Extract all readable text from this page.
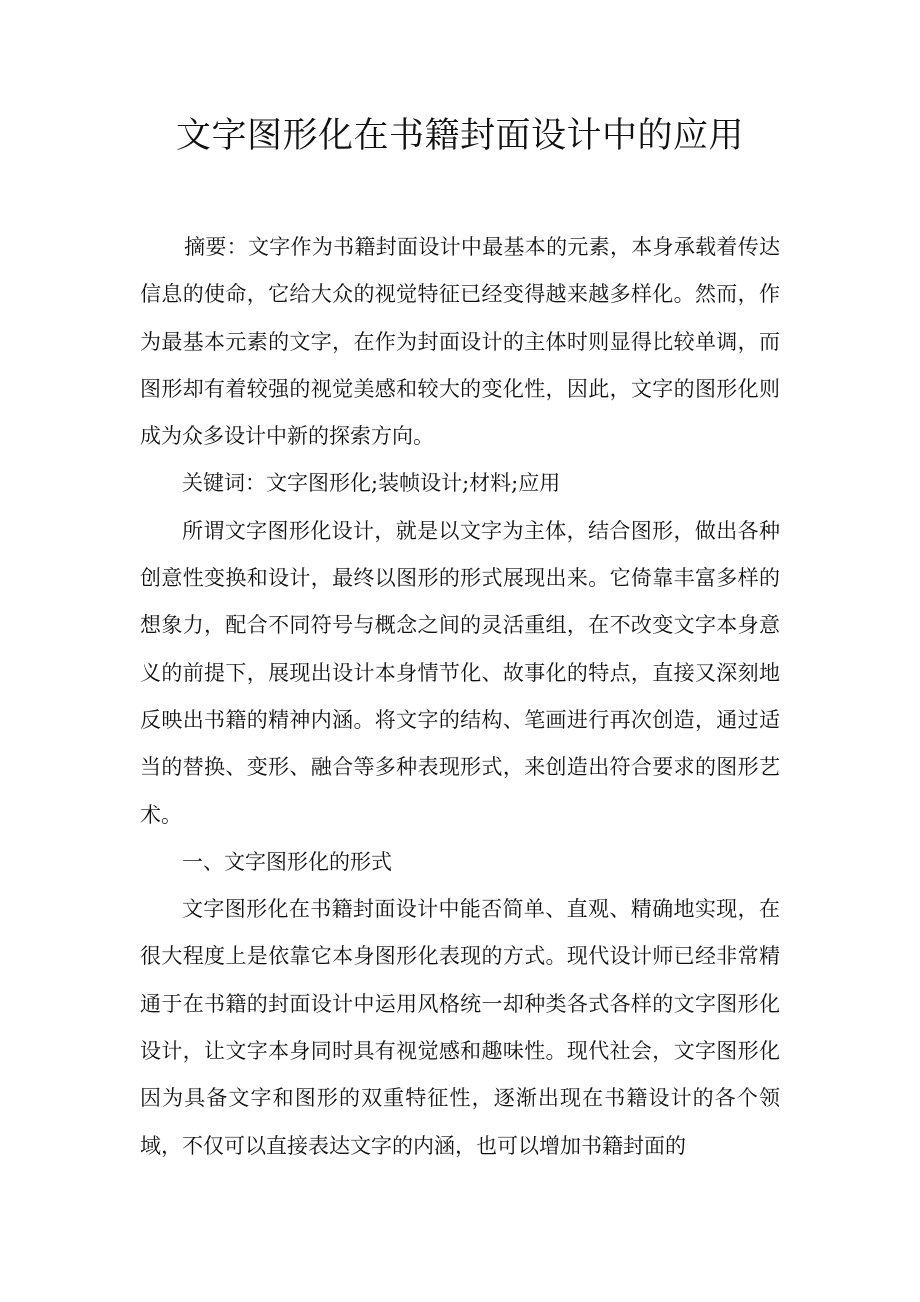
文字图形化在书籍封面设计中的应用

摘要：文字作为书籍封面设计中最基本的元素，本身承载着传达信息的使命，它给大众的视觉特征已经变得越来越多样化。然而，作为最基本元素的文字，在作为封面设计的主体时则显得比较单调，而图形却有着较强的视觉美感和较大的变化性，因此，文字的图形化则成为众多设计中新的探索方向。

关键词：文字图形化;装帧设计;材料;应用

所谓文字图形化设计，就是以文字为主体，结合图形，做出各种创意性变换和设计，最终以图形的形式展现出来。它倚靠丰富多样的想象力，配合不同符号与概念之间的灵活重组，在不改变文字本身意义的前提下，展现出设计本身情节化、故事化的特点，直接又深刻地反映出书籍的精神内涵。将文字的结构、笔画进行再次创造，通过适当的替换、变形、融合等多种表现形式，来创造出符合要求的图形艺术。

一、文字图形化的形式

文字图形化在书籍封面设计中能否简单、直观、精确地实现，在很大程度上是依靠它本身图形化表现的方式。现代设计师已经非常精通于在书籍的封面设计中运用风格统一却种类各式各样的文字图形化设计，让文字本身同时具有视觉感和趣味性。现代社会，文字图形化因为具备文字和图形的双重特征性，逐渐出现在书籍设计的各个领域，不仅可以直接表达文字的内涵，也可以增加书籍封面的
